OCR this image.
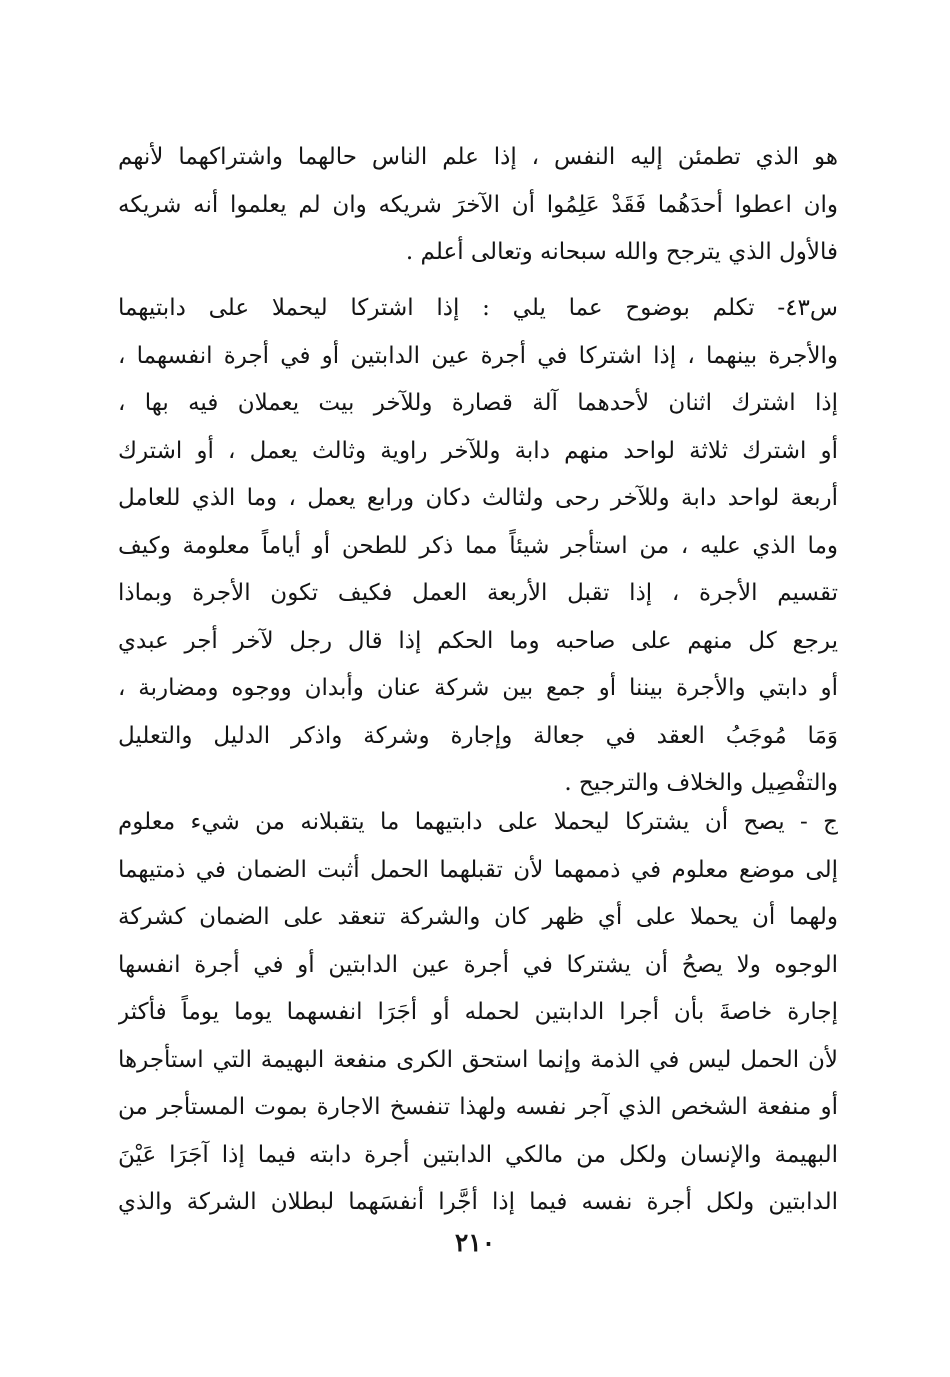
هو الذي تطمئن إليه النفس ، إذا علم الناس حالهما واشتراكهما لأنهم
وان اعطوا أحدَهُما فَقَدْ عَلِمُوا أن الآخرَ شريكه وان لم يعلموا أنه شريكه
فالأول الذي يترجح والله سبحانه وتعالى أعلم .
س٤٣- تكلم بوضوح عما يلي : إذا اشتركا ليحملا على دابتيهما
والأجرة بينهما ، إذا اشتركا في أجرة عين الدابتين أو في أجرة انفسهما ،
إذا اشترك اثنان لأحدهما آلة قصارة وللآخر بيت يعملان فيه بها ،
أو اشترك ثلاثة لواحد منهم دابة وللآخر راوية وثالث يعمل ، أو اشترك
أربعة لواحد دابة وللآخر رحى ولثالث دكان ورابع يعمل ، وما الذي للعامل
وما الذي عليه ، من استأجر شيئاً مما ذكر للطحن أو أياماً معلومة وكيف
تقسيم الأجرة ، إذا تقبل الأربعة العمل فكيف تكون الأجرة وبماذا
يرجع كل منهم على صاحبه وما الحكم إذا قال رجل لآخر أجر عبدي
أو دابتي والأجرة بيننا أو جمع بين شركة عنان وأبدان ووجوه ومضاربة ،
وَمَا مُوجَبُ العقد في جعالة وإجارة وشركة واذكر الدليل والتعليل
والتفْصِيل والخلاف والترجيح .
ج - يصح أن يشتركا ليحملا على دابتيهما ما يتقبلانه من شيء معلوم
إلى موضع معلوم في ذممهما لأن تقبلهما الحمل أثبت الضمان في ذمتيهما
ولهما أن يحملا على أي ظهر كان والشركة تنعقد على الضمان كشركة
الوجوه ولا يصحُ أن يشتركا في أجرة عين الدابتين أو في أجرة انفسها
إجارة خاصةَ بأن أجرا الدابتين لحمله أو أجَرَا انفسهما يوما يوماً فأكثر
لأن الحمل ليس في الذمة وإنما استحق الكرى منفعة البهيمة التي استأجرها
أو منفعة الشخص الذي آجر نفسه ولهذا تنفسخ الاجارة بموت المستأجر من
البهيمة والإنسان ولكل من مالكي الدابتين أجرة دابته فيما إذا آجَرَا عَيْنَ
الدابتين ولكل أجرة نفسه فيما إذا أجَّرا أنفسَهما لبطلان الشركة والذي
٢١٠
